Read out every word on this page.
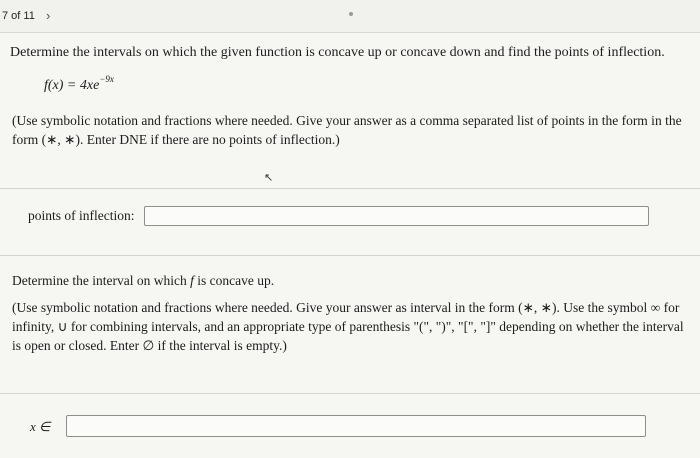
7 of 11 ›
Determine the intervals on which the given function is concave up or concave down and find the points of inflection.
$f(x) = 4xe^{-9x}$
(Use symbolic notation and fractions where needed. Give your answer as a comma separated list of points in the form in the form (∗, ∗). Enter DNE if there are no points of inflection.)
↖
points of inflection:
Determine the interval on which f is concave up.
(Use symbolic notation and fractions where needed. Give your answer as interval in the form (∗, ∗). Use the symbol ∞ for infinity, ∪ for combining intervals, and an appropriate type of parenthesis "(", ")", "[", "]" depending on whether the interval is open or closed. Enter ∅ if the interval is empty.)
x ∈
